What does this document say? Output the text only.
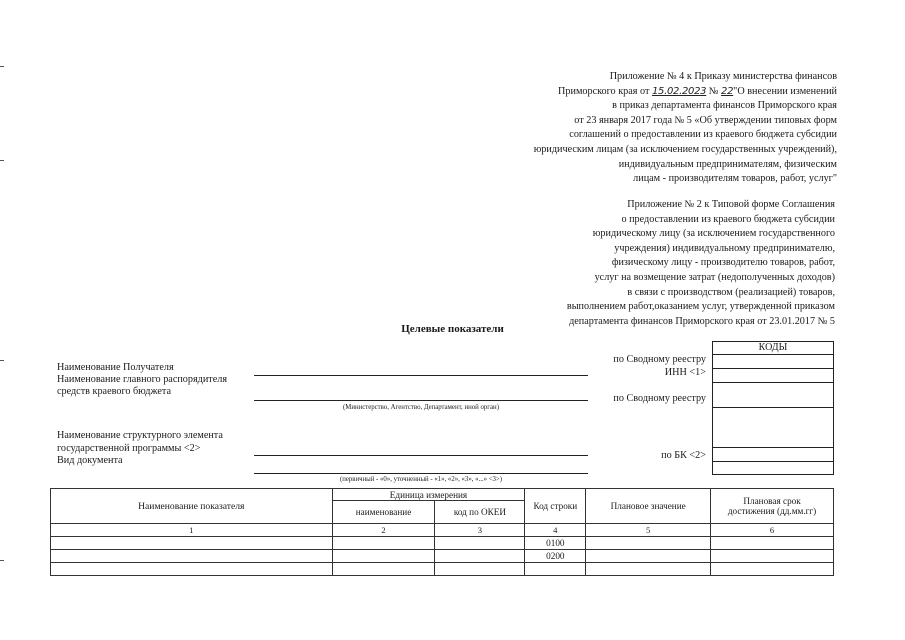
Приложение № 4 к Приказу министерства финансов
Приморского края от 15.02.2023 № 22"О внесении изменений
в приказ департамента финансов Приморского края
от 23 января 2017 года № 5 «Об утверждении типовых форм
соглашений о предоставлении из краевого бюджета субсидии
юридическим лицам (за исключением государственных учреждений),
индивидуальным предпринимателям, физическим
лицам - производителям товаров, работ, услуг"
Приложение № 2 к Типовой форме Соглашения
о предоставлении из краевого бюджета субсидии
юридическому лицу (за исключением государственного
учреждения) индивидуальному предпринимателю,
физическому лицу - производителю товаров, работ,
услуг на возмещение затрат (недополученных доходов)
в связи с производством (реализацией) товаров,
выполнением работ,оказанием услуг, утвержденной приказом
департамента финансов Приморского края от 23.01.2017 № 5
Целевые показатели
Наименование Получателя
Наименование главного распорядителя
средств краевого бюджета
Наименование структурного элемента
государственной программы <2>
Вид документа
(Министерство, Агентство, Департамент, иной орган)
(первичный - «0», уточненный - «1», «2», «3», «...» <3>)
по Сводному реестру
ИНН <1>
по Сводному реестру
по БК <2>
КОДЫ
Наименование показателя	Единица измерения		Код строки	Плановое значение	Плановая срок
достижения (дд.мм.гг)
	наименование	код по ОКЕИ			
1	2	3	4	5	6
			0100		
			0200		
